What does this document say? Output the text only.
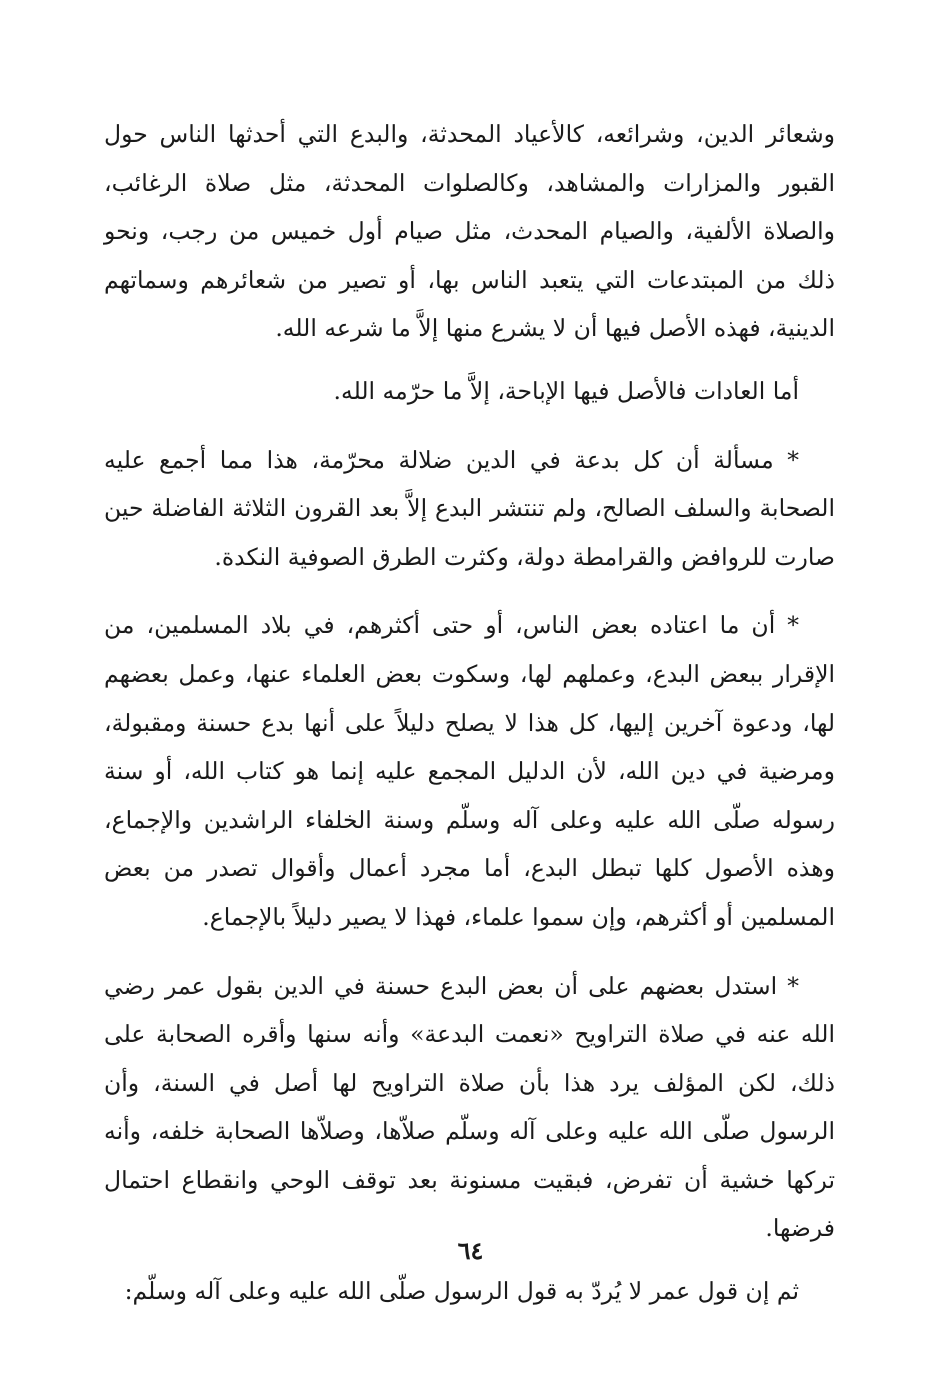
وشعائر الدين، وشرائعه، كالأعياد المحدثة، والبدع التي أحدثها الناس حول القبور والمزارات والمشاهد، وكالصلوات المحدثة، مثل صلاة الرغائب، والصلاة الألفية، والصيام المحدث، مثل صيام أول خميس من رجب، ونحو ذلك من المبتدعات التي يتعبد الناس بها، أو تصير من شعائرهم وسماتهم الدينية، فهذه الأصل فيها أن لا يشرع منها إلاَّ ما شرعه الله.

أما العادات فالأصل فيها الإباحة، إلاَّ ما حرّمه الله.

* مسألة أن كل بدعة في الدين ضلالة محرّمة، هذا مما أجمع عليه الصحابة والسلف الصالح، ولم تنتشر البدع إلاَّ بعد القرون الثلاثة الفاضلة حين صارت للروافض والقرامطة دولة، وكثرت الطرق الصوفية النكدة.

* أن ما اعتاده بعض الناس، أو حتى أكثرهم، في بلاد المسلمين، من الإقرار ببعض البدع، وعملهم لها، وسكوت بعض العلماء عنها، وعمل بعضهم لها، ودعوة آخرين إليها، كل هذا لا يصلح دليلاً على أنها بدع حسنة ومقبولة، ومرضية في دين الله، لأن الدليل المجمع عليه إنما هو كتاب الله، أو سنة رسوله صلّى الله عليه وعلى آله وسلّم وسنة الخلفاء الراشدين والإجماع، وهذه الأصول كلها تبطل البدع، أما مجرد أعمال وأقوال تصدر من بعض المسلمين أو أكثرهم، وإن سموا علماء، فهذا لا يصير دليلاً بالإجماع.

* استدل بعضهم على أن بعض البدع حسنة في الدين بقول عمر رضي الله عنه في صلاة التراويح «نعمت البدعة» وأنه سنها وأقره الصحابة على ذلك، لكن المؤلف يرد هذا بأن صلاة التراويح لها أصل في السنة، وأن الرسول صلّى الله عليه وعلى آله وسلّم صلاّها، وصلاّها الصحابة خلفه، وأنه تركها خشية أن تفرض، فبقيت مسنونة بعد توقف الوحي وانقطاع احتمال فرضها.

ثم إن قول عمر لا يُردّ به قول الرسول صلّى الله عليه وعلى آله وسلّم:

٦٤
